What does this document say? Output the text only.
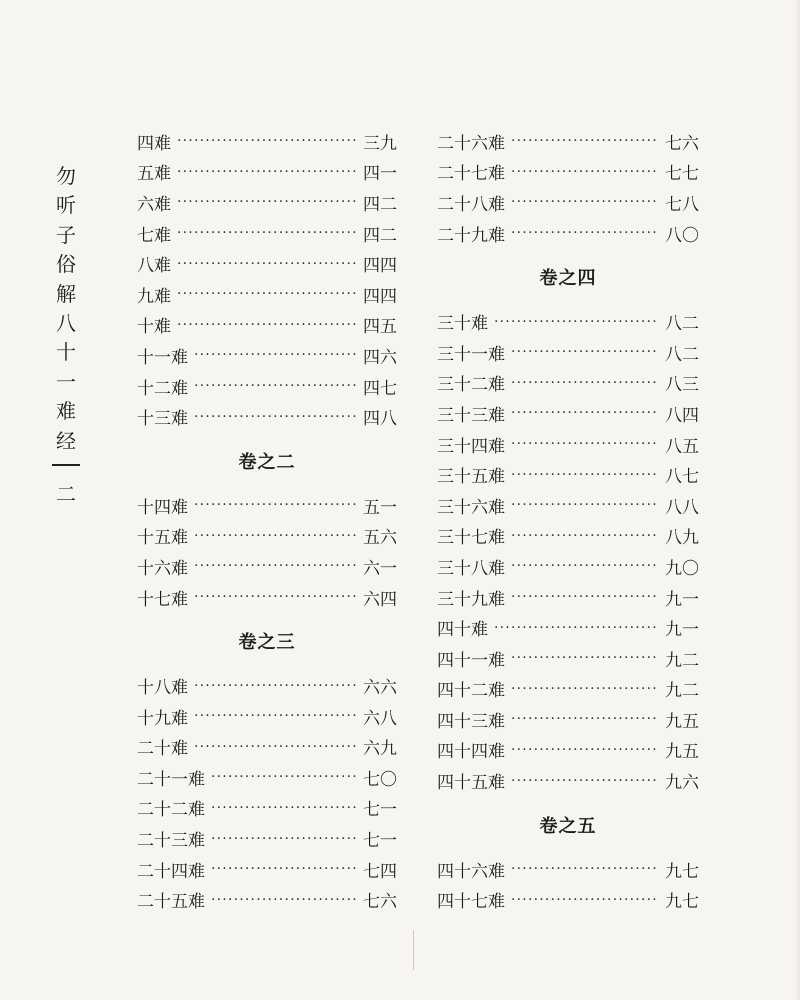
勿
听
子
俗
解
八
十
一
难
经
二
四难 ·····	三九
五难 ·····	四一
六难 ·····	四二
七难 ·····	四二
八难 ·····	四四
九难 ·····	四四
十难 ·····	四五
十一难 ·····	四六
十二难 ·····	四七
十三难 ·····	四八
卷之二
十四难 ·····	五一
十五难 ·····	五六
十六难 ·····	六一
十七难 ·····	六四
卷之三
十八难 ·····	六六
十九难 ·····	六八
二十难 ·····	六九
二十一难 ·····	七〇
二十二难 ·····	七一
二十三难 ·····	七一
二十四难 ·····	七四
二十五难 ·····	七六
二十六难 ·····	七六
二十七难 ·····	七七
二十八难 ·····	七八
二十九难 ·····	八〇
卷之四
三十难 ·····	八二
三十一难 ·····	八二
三十二难 ·····	八三
三十三难 ·····	八四
三十四难 ·····	八五
三十五难 ·····	八七
三十六难 ·····	八八
三十七难 ·····	八九
三十八难 ·····	九〇
三十九难 ·····	九一
四十难 ·····	九一
四十一难 ·····	九二
四十二难 ·····	九二
四十三难 ·····	九五
四十四难 ·····	九五
四十五难 ·····	九六
卷之五
四十六难 ·····	九七
四十七难 ·····	九七
